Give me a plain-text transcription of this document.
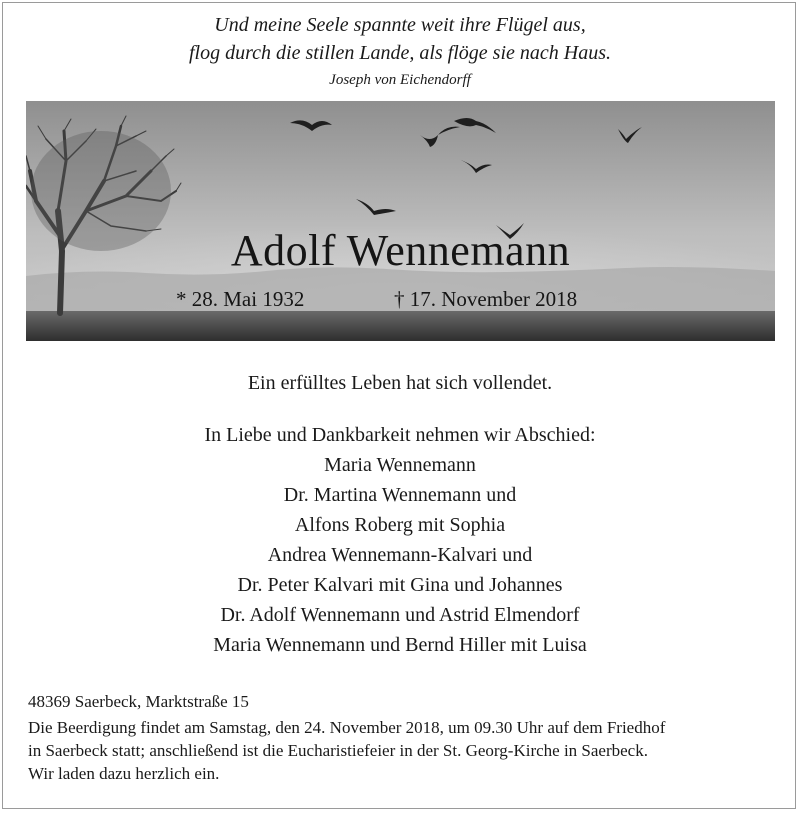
Und meine Seele spannte weit ihre Flügel aus,
flog durch die stillen Lande, als flöge sie nach Haus.
Joseph von Eichendorff
Adolf Wennemann
* 28. Mai 1932	† 17. November 2018
Ein erfülltes Leben hat sich vollendet.
In Liebe und Dankbarkeit nehmen wir Abschied:
Maria Wennemann
Dr. Martina Wennemann und
Alfons Roberg mit Sophia
Andrea Wennemann-Kalvari und
Dr. Peter Kalvari mit Gina und Johannes
Dr. Adolf Wennemann und Astrid Elmendorf
Maria Wennemann und Bernd Hiller mit Luisa
48369 Saerbeck, Marktstraße 15
Die Beerdigung findet am Samstag, den 24. November 2018, um 09.30 Uhr auf dem Friedhof
in Saerbeck statt; anschließend ist die Eucharistiefeier in der St. Georg-Kirche in Saerbeck.
Wir laden dazu herzlich ein.
